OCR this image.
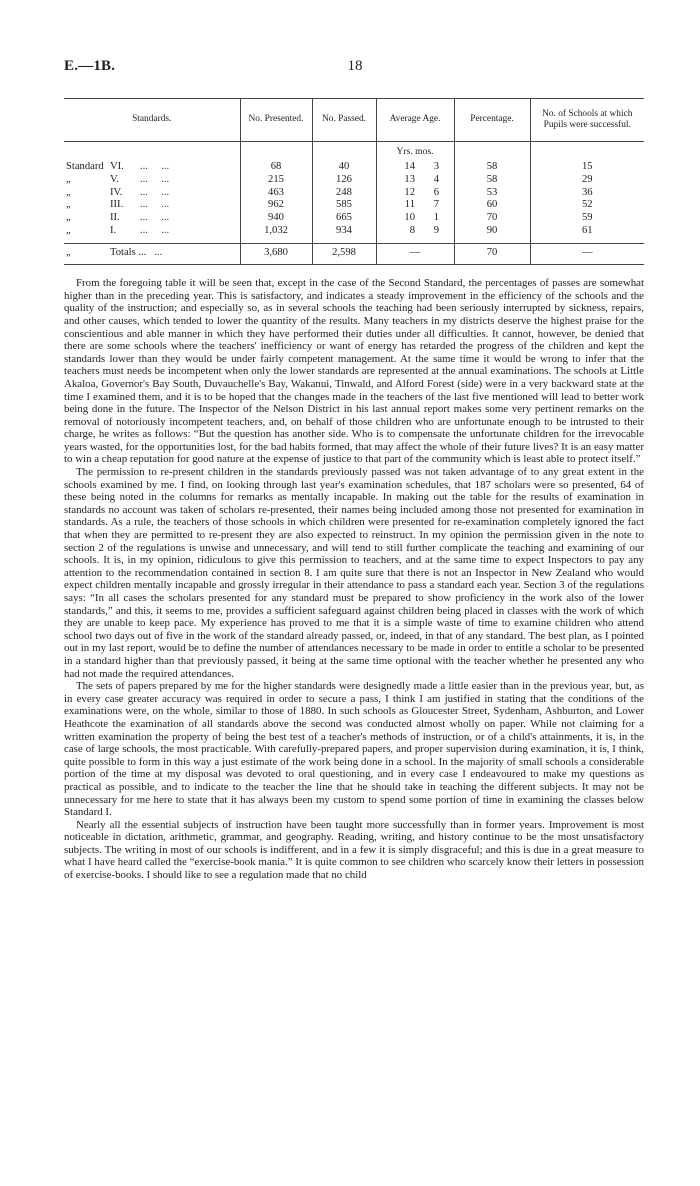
E.—1B.	18
Standards.	No. Presented.	No. Passed.	Average Age.	Percentage.	No. of Schools at which Pupils were successful.
			Yrs. mos.		
Standard VI. ...     ...	68	40	14 3	58	15
„ V. ...     ...	215	126	13 4	58	29
„ IV. ...     ...	463	248	12 6	53	36
„ III. ...     ...	962	585	11 7	60	52
„ II. ...     ...	940	665	10 1	70	59
„ I. ...     ...	1,032	934	8 9	90	61
„ Totals ...   ...	3,680	2,598	—	70	—

From the foregoing table it will be seen that, except in the case of the Second Standard, the percentages of passes are somewhat higher than in the preceding year. This is satisfactory, and indicates a steady improvement in the efficiency of the schools and the quality of the instruction; and especially so, as in several schools the teaching had been seriously interrupted by sickness, repairs, and other causes, which tended to lower the quantity of the results. Many teachers in my districts deserve the highest praise for the conscientious and able manner in which they have performed their duties under all difficulties. It cannot, however, be denied that there are some schools where the teachers' inefficiency or want of energy has retarded the progress of the children and kept the standards lower than they would be under fairly competent management. At the same time it would be wrong to infer that the teachers must needs be incompetent when only the lower standards are represented at the annual examinations. The schools at Little Akaloa, Governor's Bay South, Duvauchelle's Bay, Wakanui, Tinwald, and Alford Forest (side) were in a very backward state at the time I examined them, and it is to be hoped that the changes made in the teachers of the last five mentioned will lead to better work being done in the future. The Inspector of the Nelson District in his last annual report makes some very pertinent remarks on the removal of notoriously incompetent teachers, and, on behalf of those children who are unfortunate enough to be intrusted to their charge, he writes as follows: “But the question has another side. Who is to compensate the unfortunate children for the irrevocable years wasted, for the opportunities lost, for the bad habits formed, that may affect the whole of their future lives? It is an easy matter to win a cheap reputation for good nature at the expense of justice to that part of the community which is least able to protect itself.”

The permission to re-present children in the standards previously passed was not taken advantage of to any great extent in the schools examined by me. I find, on looking through last year's examination schedules, that 187 scholars were so presented, 64 of these being noted in the columns for remarks as mentally incapable. In making out the table for the results of examination in standards no account was taken of scholars re-presented, their names being included among those not presented for examination in standards. As a rule, the teachers of those schools in which children were presented for re-examination completely ignored the fact that when they are permitted to re-present they are also expected to reinstruct. In my opinion the permission given in the note to section 2 of the regulations is unwise and unnecessary, and will tend to still further complicate the teaching and examining of our schools. It is, in my opinion, ridiculous to give this permission to teachers, and at the same time to expect Inspectors to pay any attention to the recommendation contained in section 8. I am quite sure that there is not an Inspector in New Zealand who would expect children mentally incapable and grossly irregular in their attendance to pass a standard each year. Section 3 of the regulations says: “In all cases the scholars presented for any standard must be prepared to show proficiency in the work also of the lower standards,” and this, it seems to me, provides a sufficient safeguard against children being placed in classes with the work of which they are unable to keep pace. My experience has proved to me that it is a simple waste of time to examine children who attend school two days out of five in the work of the standard already passed, or, indeed, in that of any standard. The best plan, as I pointed out in my last report, would be to define the number of attendances necessary to be made in order to entitle a scholar to be presented in a standard higher than that previously passed, it being at the same time optional with the teacher whether he presented any who had not made the required attendances.

The sets of papers prepared by me for the higher standards were designedly made a little easier than in the previous year, but, as in every case greater accuracy was required in order to secure a pass, I think I am justified in stating that the conditions of the examinations were, on the whole, similar to those of 1880. In such schools as Gloucester Street, Sydenham, Ashburton, and Lower Heathcote the examination of all standards above the second was conducted almost wholly on paper. While not claiming for a written examination the property of being the best test of a teacher's methods of instruction, or of a child's attainments, it is, in the case of large schools, the most practicable. With carefully-prepared papers, and proper supervision during examination, it is, I think, quite possible to form in this way a just estimate of the work being done in a school. In the majority of small schools a considerable portion of the time at my disposal was devoted to oral questioning, and in every case I endeavoured to make my questions as practical as possible, and to indicate to the teacher the line that he should take in teaching the different subjects. It may not be unnecessary for me here to state that it has always been my custom to spend some portion of time in examining the classes below Standard I.

Nearly all the essential subjects of instruction have been taught more successfully than in former years. Improvement is most noticeable in dictation, arithmetic, grammar, and geography. Reading, writing, and history continue to be the most unsatisfactory subjects. The writing in most of our schools is indifferent, and in a few it is simply disgraceful; and this is due in a great measure to what I have heard called the “exercise-book mania.” It is quite common to see children who scarcely know their letters in possession of exercise-books. I should like to see a regulation made that no child
